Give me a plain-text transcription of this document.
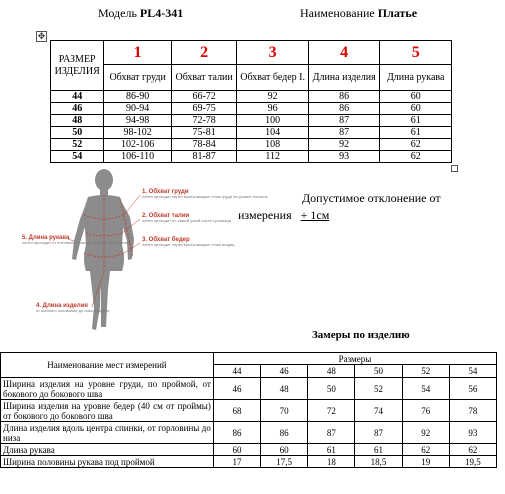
Модель PL4-341	Наименование Платье
✥
РАЗМЕР ИЗДЕЛИЯ	1	2	3	4	5
	Обхват груди	Обхват талии	Обхват бедер I.	Длина изделия	Длина рукава
44	86-90	66-72	92	86	60
46	90-94	69-75	96	86	60
48	94-98	72-78	100	87	61
50	98-102	75-81	104	87	61
52	102-106	78-84	108	92	62
54	106-110	81-87	112	93	62
Допустимое отклонение от
измерения + 1см
1. Обхват груди
лента проходит через выступающие точки груди на уровне лопаток
2. Обхват талии
лента проходит по самой узкой части туловища
3. Обхват бедер
лента проходит через выступающие точки ягодиц
4. Длина изделия
от шейного основания до низа изделия
5. Длина рукава
лента проходит от плечевой точки до нижнего края рукава
Замеры по изделию
Наименование мест измерений	Размеры					
	44	46	48	50	52	54
Ширина изделия на уровне груди, по проймой, от бокового до бокового шва	46	48	50	52	54	56
Ширина изделия на уровне бедер (40 см от проймы) от бокового до бокового шва	68	70	72	74	76	78
Длина изделия вдоль центра спинки, от горловины до низа	86	86	87	87	92	93
Длина рукава	60	60	61	61	62	62
Ширина половины рукава под проймой	17	17,5	18	18,5	19	19,5
